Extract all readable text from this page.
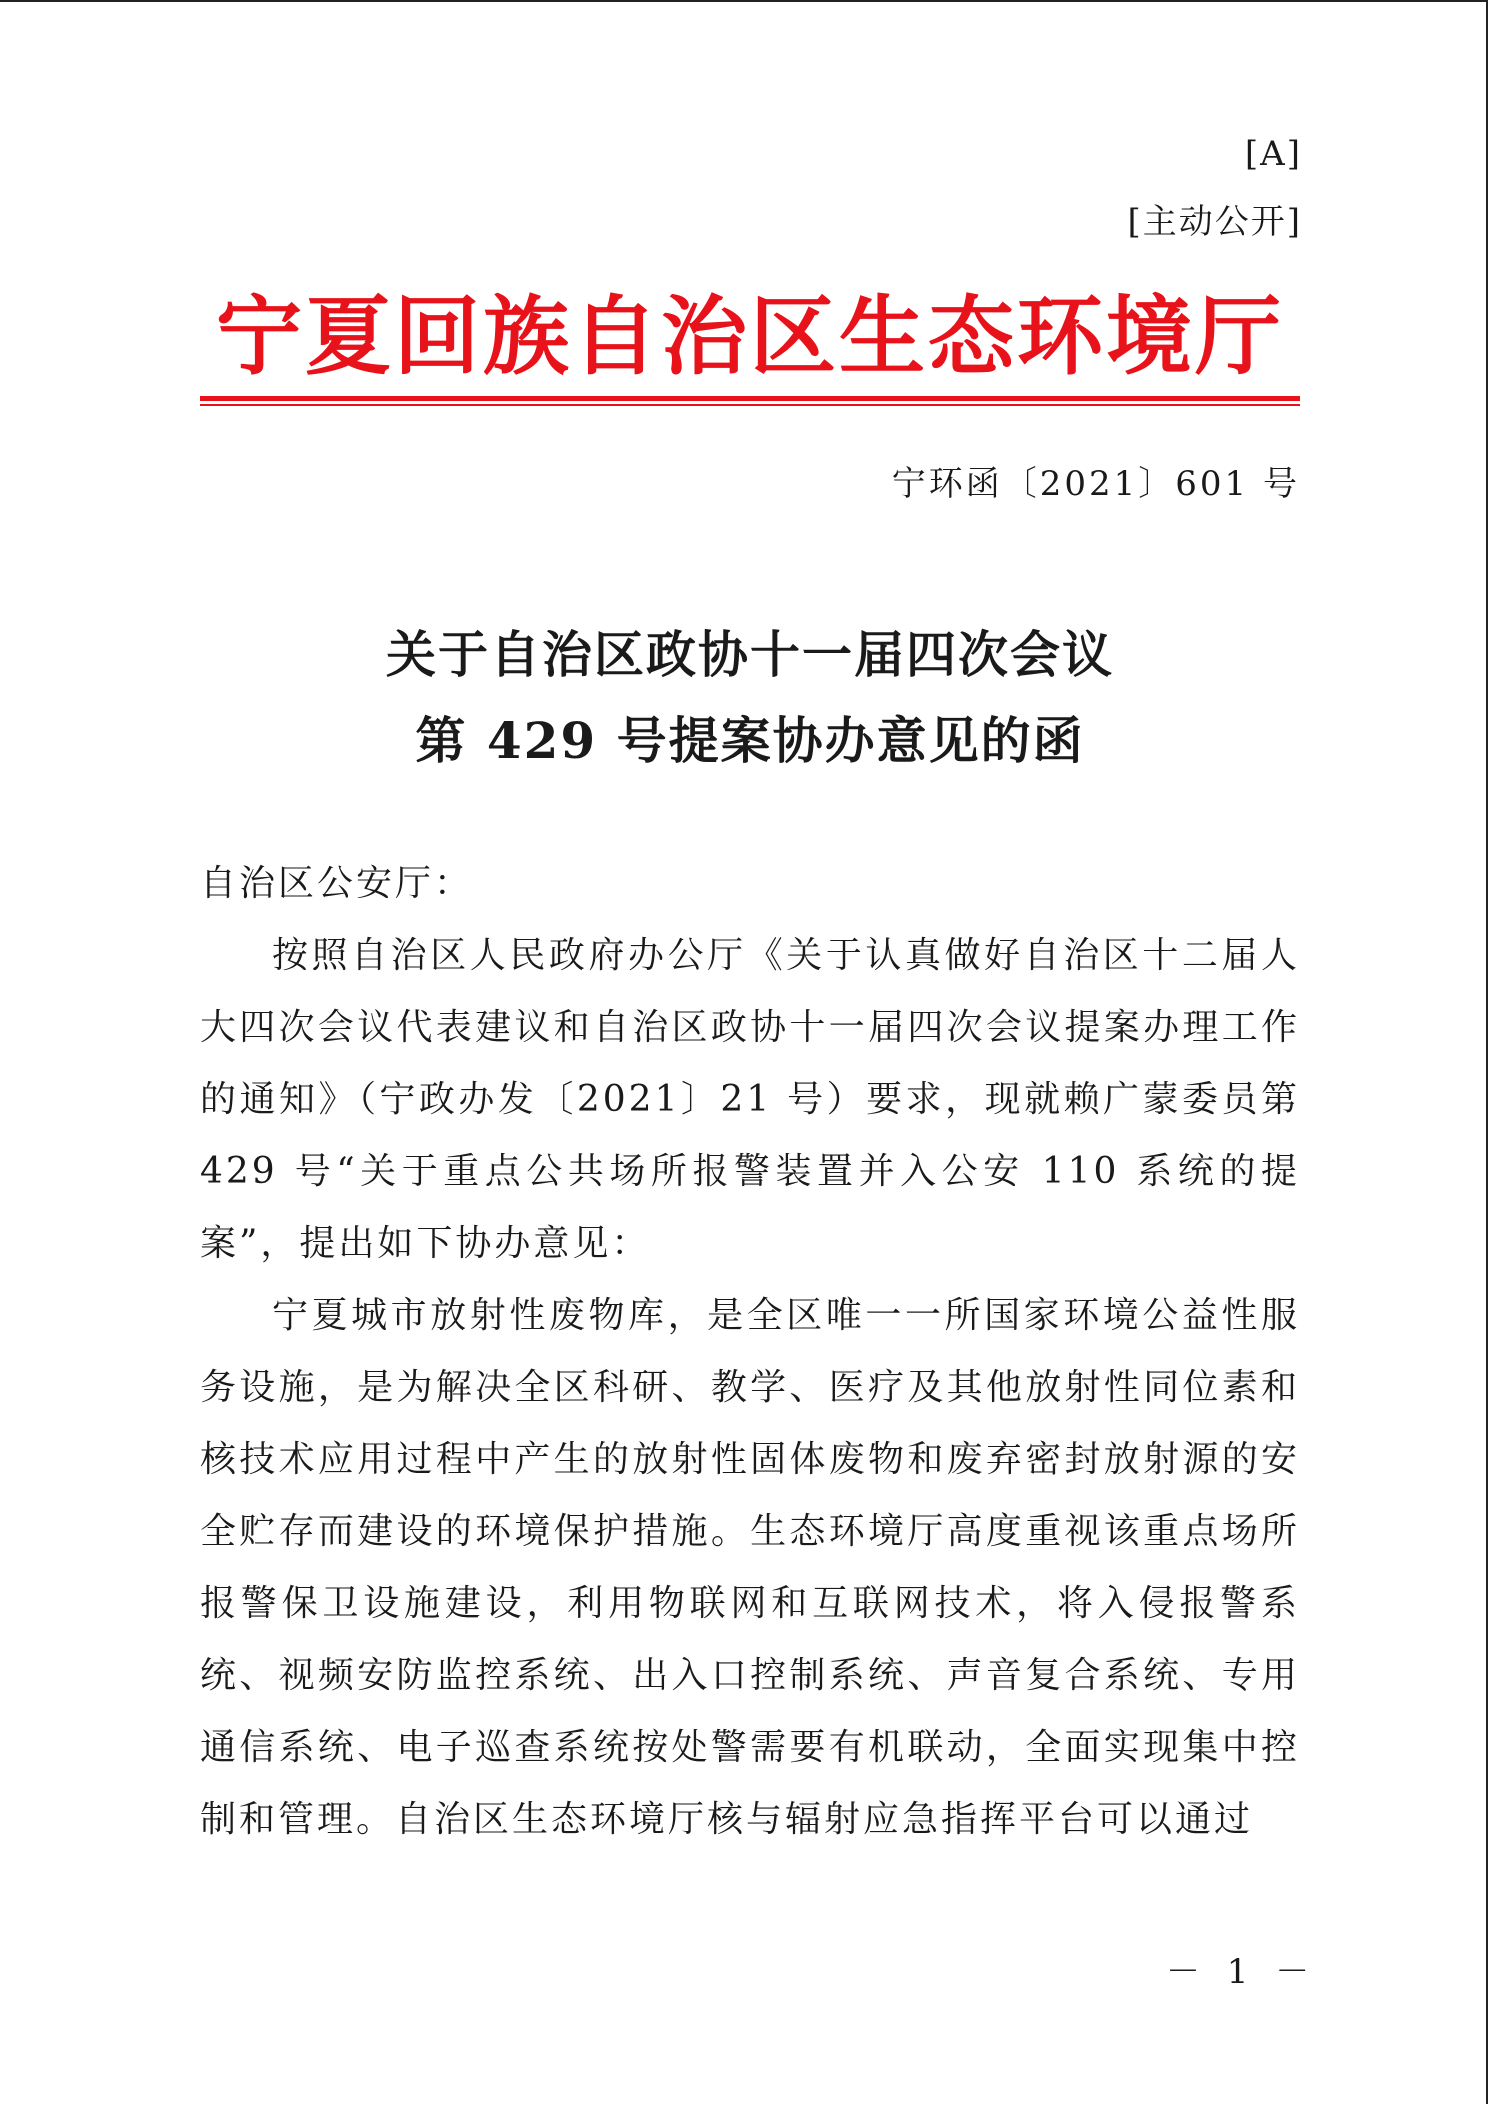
[A]
[主动公开]
宁夏回族自治区生态环境厅
宁环函〔2021〕601 号
关于自治区政协十一届四次会议
第 429 号提案协办意见的函
自治区公安厅：
按照自治区人民政府办公厅《关于认真做好自治区十二届人大四次会议代表建议和自治区政协十一届四次会议提案办理工作的通知》（宁政办发〔2021〕21 号）要求，现就赖广蒙委员第 429 号“关于重点公共场所报警装置并入公安 110 系统的提案”，提出如下协办意见：
宁夏城市放射性废物库，是全区唯一一所国家环境公益性服务设施，是为解决全区科研、教学、医疗及其他放射性同位素和核技术应用过程中产生的放射性固体废物和废弃密封放射源的安全贮存而建设的环境保护措施。生态环境厅高度重视该重点场所报警保卫设施建设，利用物联网和互联网技术，将入侵报警系统、视频安防监控系统、出入口控制系统、声音复合系统、专用通信系统、电子巡查系统按处警需要有机联动，全面实现集中控制和管理。自治区生态环境厅核与辐射应急指挥平台可以通过
－ 1 －
